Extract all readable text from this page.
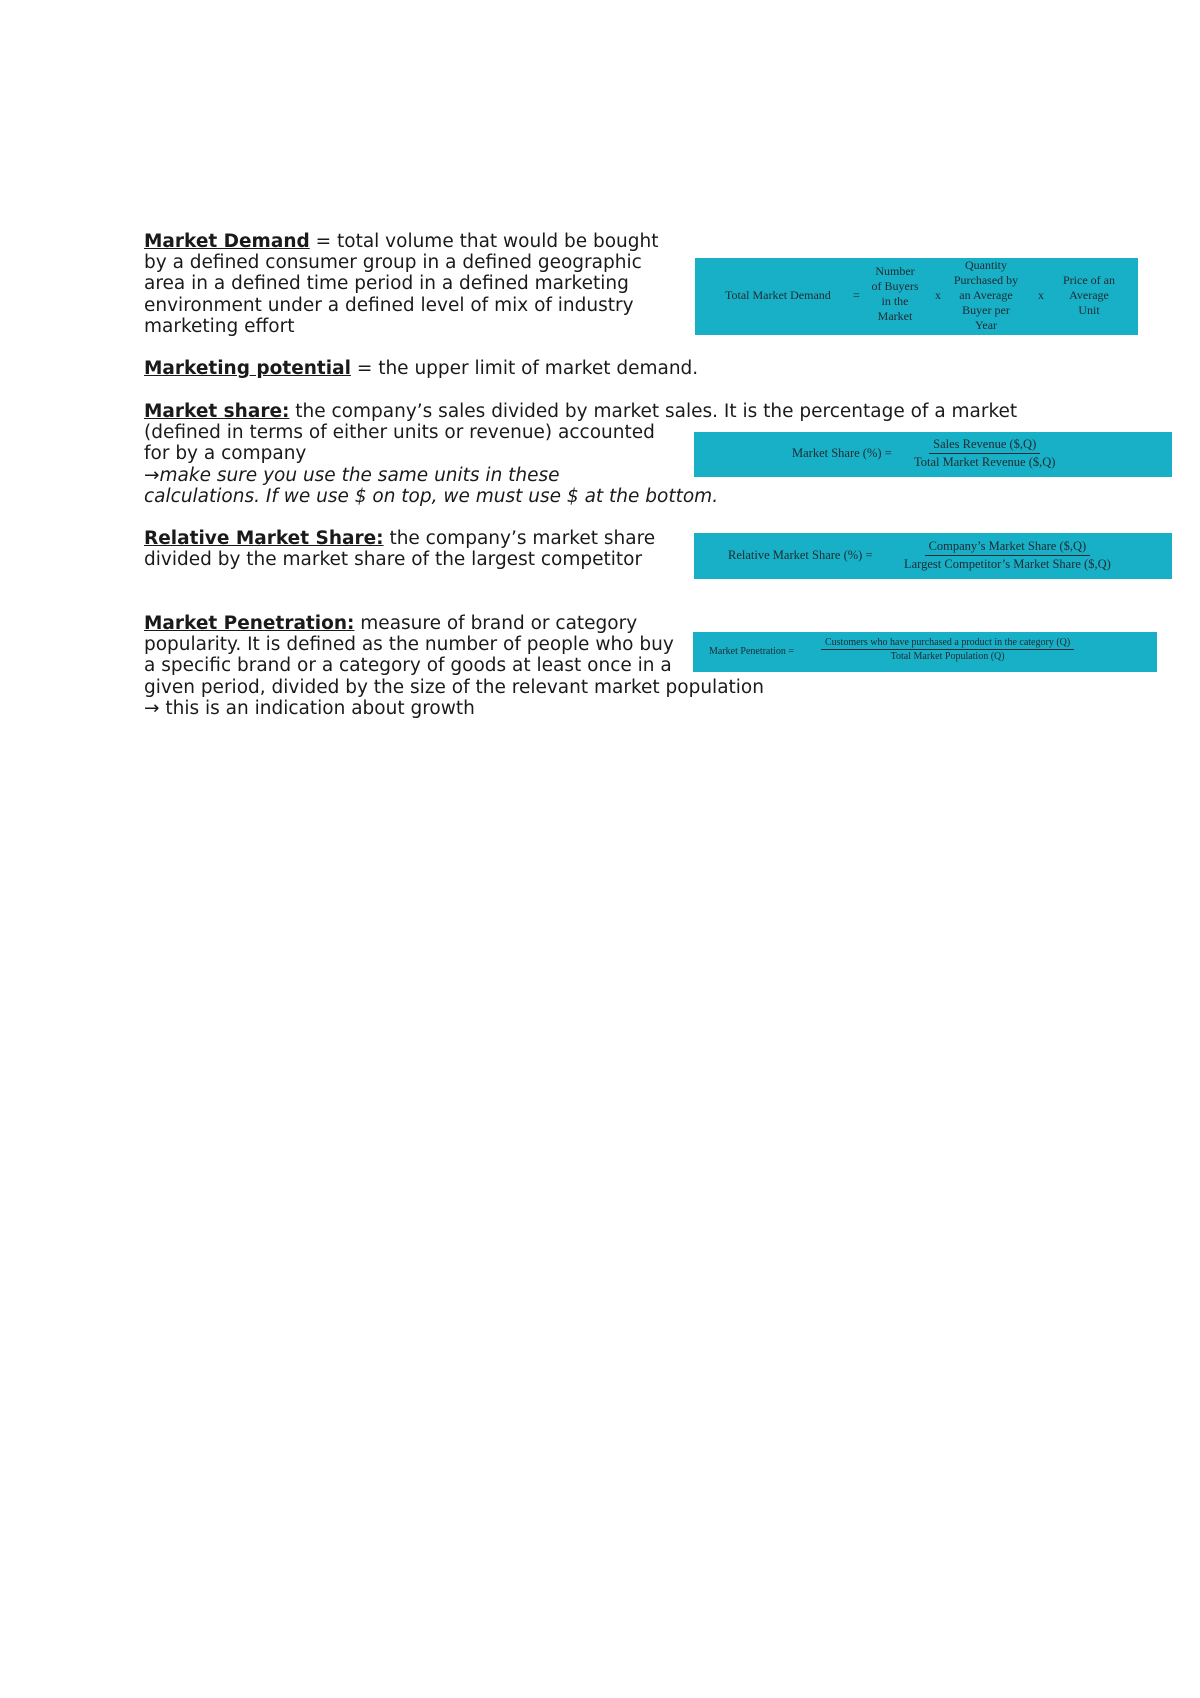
Market Demand = total volume that would be bought
by a defined consumer group in a defined geographic
area in a defined time period in a defined marketing
environment under a defined level of mix of industry
marketing effort
Marketing potential = the upper limit of market demand.
Market share: the company’s sales divided by market sales. It is the percentage of a market
(defined in terms of either units or revenue) accounted
for by a company
→make sure you use the same units in these
calculations. If we use $ on top, we must use $ at the bottom.
Relative Market Share: the company’s market share
divided by the market share of the largest competitor
Market Penetration: measure of brand or category
popularity. It is defined as the number of people who buy
a specific brand or a category of goods at least once in a
given period, divided by the size of the relevant market population
→ this is an indication about growth
Total Market Demand =
Number
of Buyers
in the
Market
x
Quantity
Purchased by
an Average
Buyer per
Year
x
Price of an
Average
Unit
Market Share (%) =
Sales Revenue ($,Q)
Total Market Revenue ($,Q)
Relative Market Share (%) =
Company’s Market Share ($,Q)
Largest Competitor’s Market Share ($,Q)
Market Penetration =
Customers who have purchased a product in the category (Q)
Total Market Population (Q)
